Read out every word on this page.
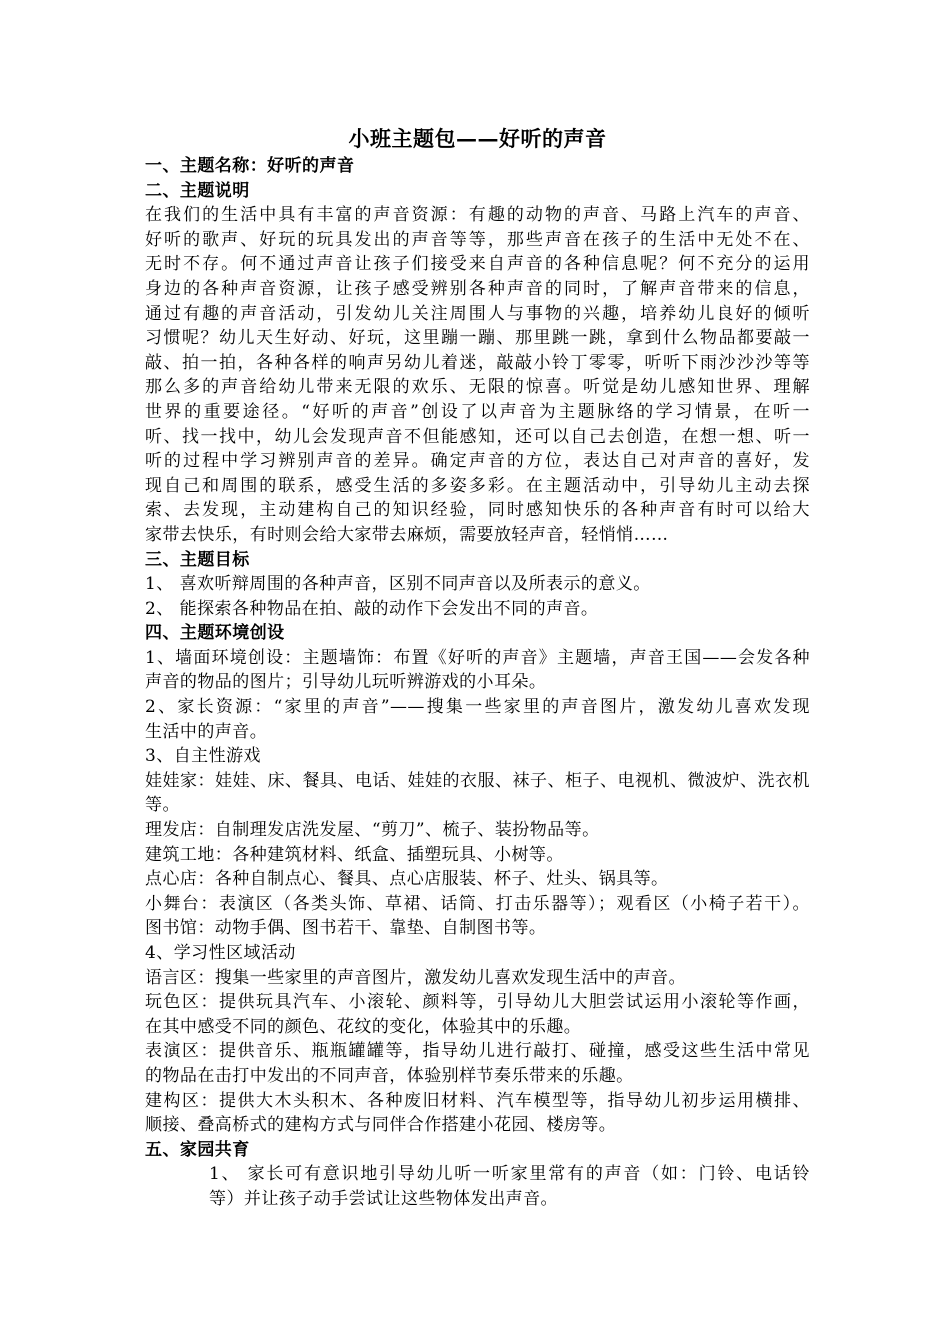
小班主题包——好听的声音
一、主题名称：好听的声音
二、主题说明
在我们的生活中具有丰富的声音资源：有趣的动物的声音、马路上汽车的声音、
好听的歌声、好玩的玩具发出的声音等等，那些声音在孩子的生活中无处不在、
无时不存。何不通过声音让孩子们接受来自声音的各种信息呢？何不充分的运用
身边的各种声音资源，让孩子感受辨别各种声音的同时，了解声音带来的信息，
通过有趣的声音活动，引发幼儿关注周围人与事物的兴趣，培养幼儿良好的倾听
习惯呢？幼儿天生好动、好玩，这里蹦一蹦、那里跳一跳，拿到什么物品都要敲一
敲、拍一拍，各种各样的响声另幼儿着迷，敲敲小铃丁零零，听听下雨沙沙沙等等
那么多的声音给幼儿带来无限的欢乐、无限的惊喜。听觉是幼儿感知世界、理解
世界的重要途径。“好听的声音”创设了以声音为主题脉络的学习情景，在听一
听、找一找中，幼儿会发现声音不但能感知，还可以自己去创造，在想一想、听一
听的过程中学习辨别声音的差异。确定声音的方位，表达自己对声音的喜好，发
现自己和周围的联系，感受生活的多姿多彩。在主题活动中，引导幼儿主动去探
索、去发现，主动建构自己的知识经验，同时感知快乐的各种声音有时可以给大
家带去快乐，有时则会给大家带去麻烦，需要放轻声音，轻悄悄……
三、主题目标
1、 喜欢听辩周围的各种声音，区别不同声音以及所表示的意义。
2、 能探索各种物品在拍、敲的动作下会发出不同的声音。
四、主题环境创设
1、墙面环境创设：主题墙饰：布置《好听的声音》主题墙，声音王国——会发各种
声音的物品的图片；引导幼儿玩听辨游戏的小耳朵。
2、家长资源：“家里的声音”——搜集一些家里的声音图片，激发幼儿喜欢发现
生活中的声音。
3、自主性游戏
娃娃家：娃娃、床、餐具、电话、娃娃的衣服、袜子、柜子、电视机、微波炉、洗衣机
等。
理发店：自制理发店洗发屋、“剪刀”、梳子、装扮物品等。
建筑工地：各种建筑材料、纸盒、插塑玩具、小树等。
点心店：各种自制点心、餐具、点心店服装、杯子、灶头、锅具等。
小舞台：表演区（各类头饰、草裙、话筒、打击乐器等）；观看区（小椅子若干）。
图书馆：动物手偶、图书若干、靠垫、自制图书等。
4、学习性区域活动
语言区：搜集一些家里的声音图片，激发幼儿喜欢发现生活中的声音。
玩色区：提供玩具汽车、小滚轮、颜料等，引导幼儿大胆尝试运用小滚轮等作画，
在其中感受不同的颜色、花纹的变化，体验其中的乐趣。
表演区：提供音乐、瓶瓶罐罐等，指导幼儿进行敲打、碰撞，感受这些生活中常见
的物品在击打中发出的不同声音，体验别样节奏乐带来的乐趣。
建构区：提供大木头积木、各种废旧材料、汽车模型等，指导幼儿初步运用横排、
顺接、叠高桥式的建构方式与同伴合作搭建小花园、楼房等。
五、家园共育
1、 家长可有意识地引导幼儿听一听家里常有的声音（如：门铃、电话铃
等）并让孩子动手尝试让这些物体发出声音。
